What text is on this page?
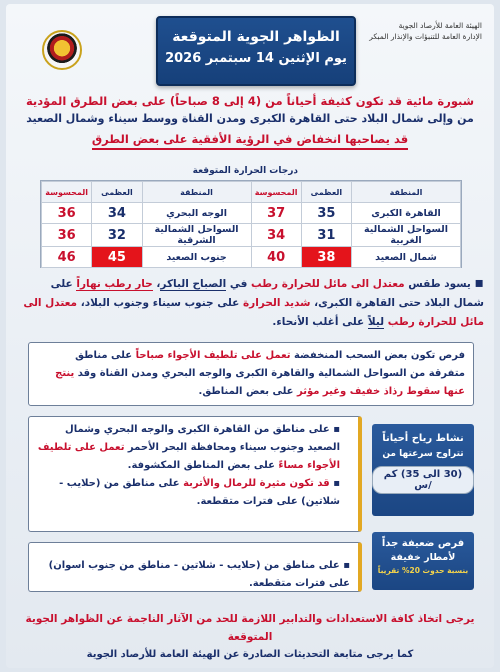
الهيئة العامة للأرصاد الجوية
الإدارة العامة للتنبؤات والإنذار المبكر
الظواهر الجوية المتوقعة
يوم الإثنين 14 سبتمبر 2026
شبورة مائية قد تكون كثيفة أحياناً من (4 إلى 8 صباحاً) على بعض الطرق المؤدية
من وإلى شمال البلاد حتى القاهرة الكبرى ومدن القناة ووسط سيناء وشمال الصعيد
قد يصاحبها انخفاض في الرؤية الأفقية على بعض الطرق
درجات الحرارة المتوقعة
المنطقة	العظمى	المحسوسة	المنطقة	العظمى	المحسوسة
القاهرة الكبرى	35	37	الوجه البحري	34	36
السواحل الشمالية الغربية	31	34	السواحل الشمالية الشرقية	32	36
شمال الصعيد	38	40	جنوب الصعيد	45	46
▪ يسود طقس معتدل الى مائل للحرارة رطب في الصباح الباكر، حار رطب نهاراً على شمال البلاد حتى القاهرة الكبرى، شديد الحرارة على جنوب سيناء وجنوب البلاد، معتدل الى مائل للحرارة رطب ليلاً على أغلب الأنحاء.
فرص تكون بعض السحب المنخفضة تعمل على تلطيف الأجواء صباحاً على مناطق متفرقة من السواحل الشمالية والقاهرة الكبرى والوجه البحري ومدن القناة وقد ينتج عنها سقوط رذاذ خفيف وغير مؤثر على بعض المناطق.
▪ على مناطق من القاهرة الكبرى والوجه البحري وشمال الصعيد وجنوب سيناء ومحافظة البحر الأحمر تعمل على تلطيف الأجواء مساءً على بعض المناطق المكشوفة.
▪ قد تكون مثيرة للرمال والأتربة على مناطق من (حلايب - شلاتين) على فترات متقطعة.
نشاط رياح أحياناً
تتراوح سرعتها من
(30 الى 35) كم /س
▪ على مناطق من (حلايب - شلاتين - مناطق من جنوب اسوان) على فترات متقطعة.
فرص ضعيفة جداً
لأمطار خفيفة
بنسبة حدوث 20% تقريباً
يرجى اتخاذ كافة الاستعدادات والتدابير اللازمة للحد من الآثار الناجمة عن الظواهر الجوية المتوقعة
كما يرجى متابعة التحديثات الصادرة عن الهيئة العامة للأرصاد الجوية
